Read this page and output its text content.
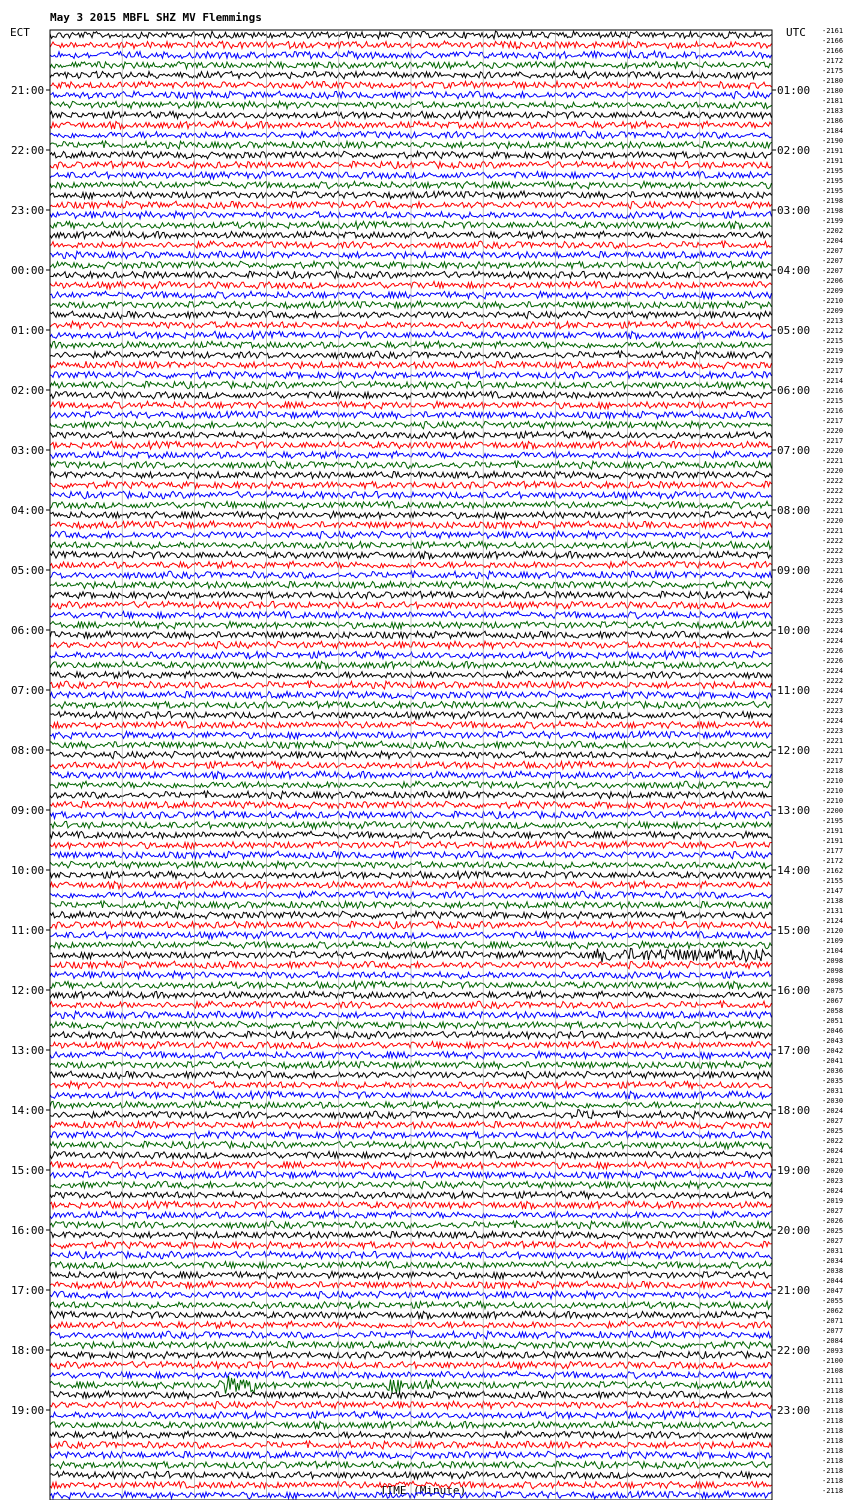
May 3 2015 MBFL SHZ MV Flemmings
ECT	UTC
TIME (Minute)
21:00
22:00
23:00
00:00
01:00
02:00
03:00
04:00
05:00
06:00
07:00
08:00
09:00
10:00
11:00
12:00
13:00
14:00
15:00
16:00
17:00
18:00
19:00
01:00
02:00
03:00
04:00
05:00
06:00
07:00
08:00
09:00
10:00
11:00
12:00
13:00
14:00
15:00
16:00
17:00
18:00
19:00
20:00
21:00
22:00
23:00
-2161
-2166
-2166
-2172
-2175
-2180
-2180
-2181
-2183
-2186
-2184
-2190
-2191
-2191
-2195
-2195
-2195
-2198
-2198
-2199
-2202
-2204
-2207
-2207
-2207
-2206
-2209
-2210
-2209
-2213
-2212
-2215
-2219
-2219
-2217
-2214
-2216
-2215
-2216
-2217
-2220
-2217
-2220
-2221
-2220
-2222
-2222
-2222
-2221
-2220
-2221
-2222
-2222
-2223
-2221
-2226
-2224
-2223
-2225
-2223
-2224
-2224
-2226
-2226
-2224
-2222
-2224
-2227
-2223
-2224
-2223
-2221
-2221
-2217
-2218
-2210
-2210
-2210
-2200
-2195
-2191
-2191
-2177
-2172
-2162
-2155
-2147
-2138
-2131
-2124
-2120
-2109
-2104
-2098
-2098
-2098
-2075
-2067
-2058
-2051
-2046
-2043
-2042
-2041
-2036
-2035
-2031
-2030
-2024
-2027
-2025
-2022
-2024
-2021
-2020
-2023
-2024
-2019
-2027
-2026
-2025
-2027
-2031
-2034
-2038
-2044
-2047
-2055
-2062
-2071
-2077
-2084
-2093
-2100
-2108
-2111
-2118
-2118
-2118
-2118
-2118
-2118
-2118
-2118
-2118
-2118
-2118
